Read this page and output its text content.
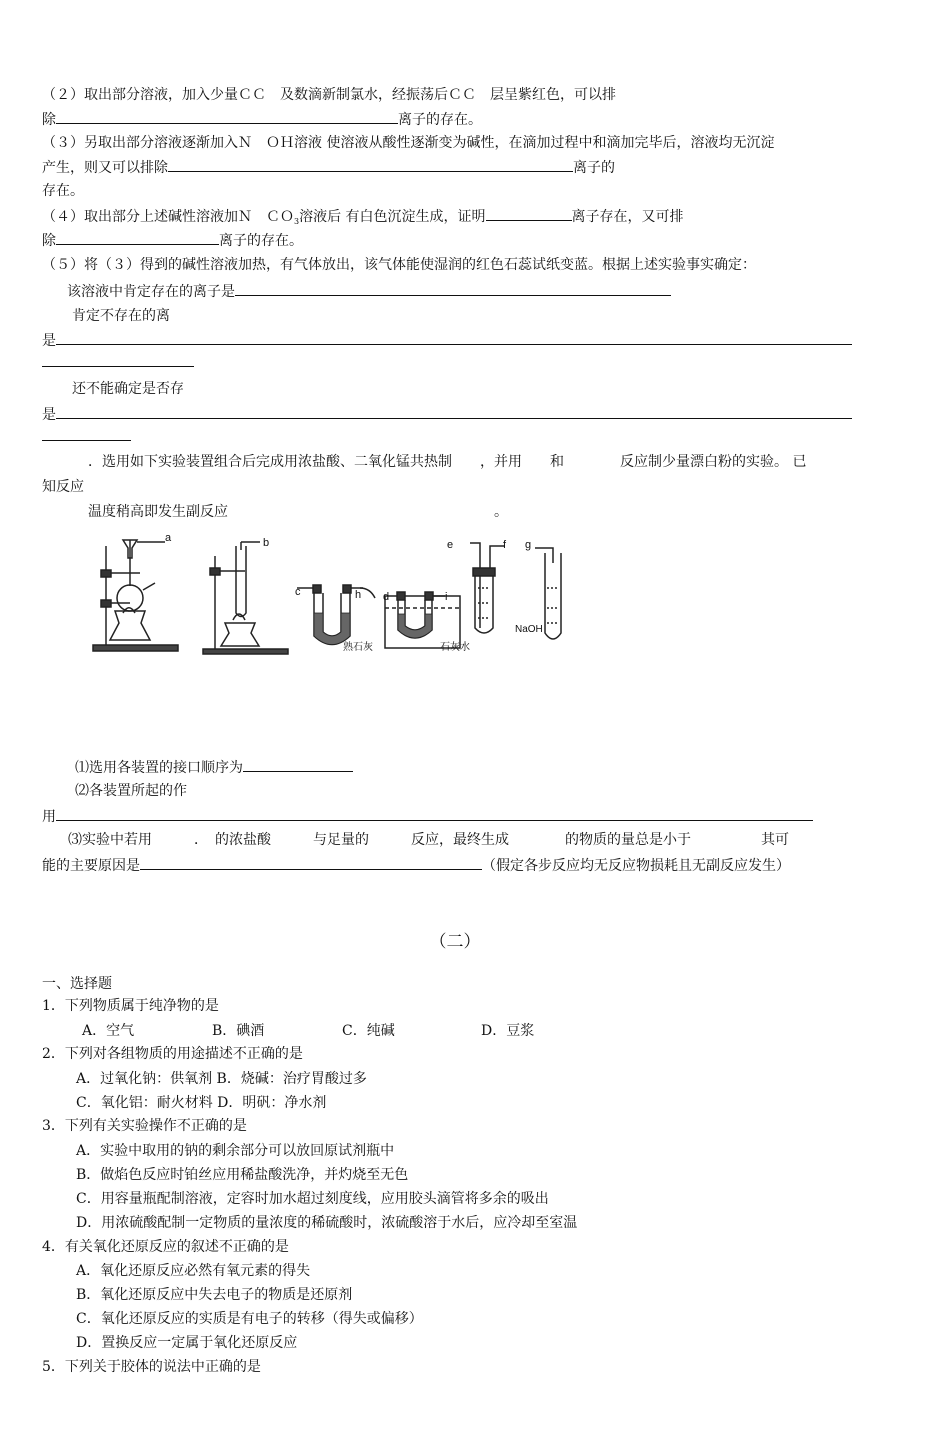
（２）取出部分溶液，加入少量ＣＣ　及数滴新制氯水，经振荡后ＣＣ　层呈紫红色，可以排
除	离子的存在。
（３）另取出部分溶液逐渐加入Ｎ　ＯＨ溶液 使溶液从酸性逐渐变为碱性，在滴加过程中和滴加完毕后，溶液均无沉淀
产生，则又可以排除	离子的
存在。
（４）取出部分上述碱性溶液加Ｎ　ＣＯ$_3$溶液后 有白色沉淀生成，证明	离子存在，又可排
除	离子的存在。
（５）将（３）得到的碱性溶液加热，有气体放出，该气体能使湿润的红色石蕊试纸变蓝。根据上述实验事实确定：
该溶液中肯定存在的离子是
肯定不存在的离
是
还不能确定是否存
是
．选用如下实验装置组合后完成用浓盐酸、二氧化锰共热制　　，并用　　和　　　　反应制少量漂白粉的实验。 已
知反应
温度稍高即发生副反应	。
a	b
c	h d	i
e	f g
熟石灰	石灰水
NaOH
⑴选用各装置的接口顺序为
⑵各装置所起的作
用
⑶实验中若用　　　．　的浓盐酸　　　与足量的　　　反应，最终生成　　　　的物质的量总是小于　　　　　其可
能的主要原因是	（假定各步反应均无反应物损耗且无副反应发生）
（二）
一、选择题
1．下列物质属于纯净物的是
A．空气	B．碘酒	C．纯碱	D．豆浆
2．下列对各组物质的用途描述不正确的是
A．过氧化钠：供氧剂 B．烧碱：治疗胃酸过多
C．氧化铝：耐火材料 D．明矾：净水剂
3．下列有关实验操作不正确的是
A．实验中取用的钠的剩余部分可以放回原试剂瓶中
B．做焰色反应时铂丝应用稀盐酸洗净，并灼烧至无色
C．用容量瓶配制溶液，定容时加水超过刻度线，应用胶头滴管将多余的吸出
D．用浓硫酸配制一定物质的量浓度的稀硫酸时，浓硫酸溶于水后，应冷却至室温
4．有关氧化还原反应的叙述不正确的是
A．氧化还原反应必然有氧元素的得失
B．氧化还原反应中失去电子的物质是还原剂
C．氧化还原反应的实质是有电子的转移（得失或偏移）
D．置换反应一定属于氧化还原反应
5．下列关于胶体的说法中正确的是
